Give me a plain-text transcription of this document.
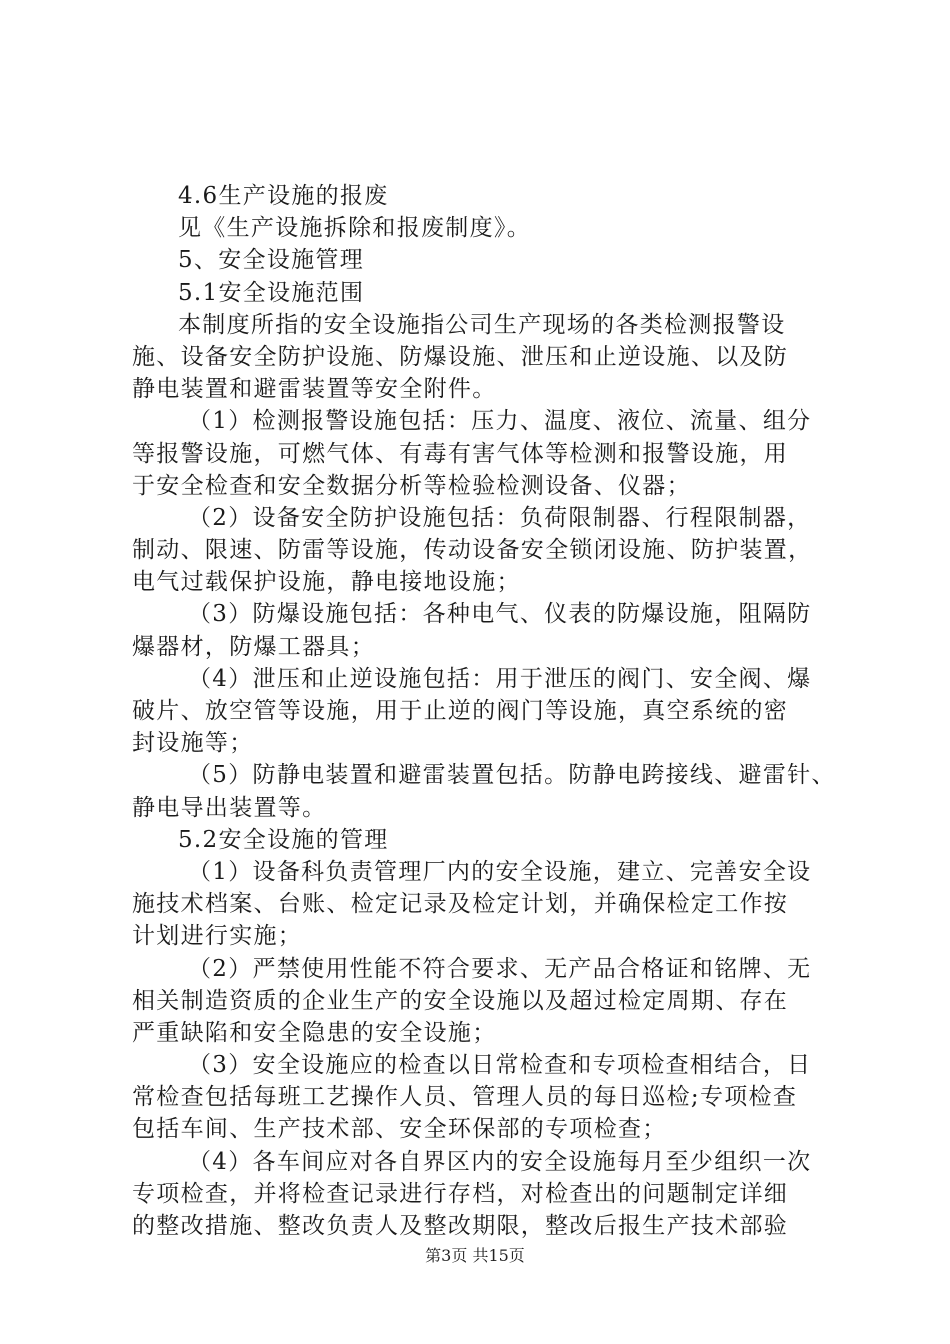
4.6生产设施的报废
见《生产设施拆除和报废制度》。
5、安全设施管理
5.1安全设施范围
本制度所指的安全设施指公司生产现场的各类检测报警设
施、设备安全防护设施、防爆设施、泄压和止逆设施、以及防
静电装置和避雷装置等安全附件。
（1）检测报警设施包括：压力、温度、液位、流量、组分
等报警设施，可燃气体、有毒有害气体等检测和报警设施，用
于安全检查和安全数据分析等检验检测设备、仪器；
（2）设备安全防护设施包括：负荷限制器、行程限制器，
制动、限速、防雷等设施，传动设备安全锁闭设施、防护装置，
电气过载保护设施，静电接地设施；
（3）防爆设施包括：各种电气、仪表的防爆设施，阻隔防
爆器材，防爆工器具；
（4）泄压和止逆设施包括：用于泄压的阀门、安全阀、爆
破片、放空管等设施，用于止逆的阀门等设施，真空系统的密
封设施等；
（5）防静电装置和避雷装置包括。防静电跨接线、避雷针、
静电导出装置等。
5.2安全设施的管理
（1）设备科负责管理厂内的安全设施，建立、完善安全设
施技术档案、台账、检定记录及检定计划，并确保检定工作按
计划进行实施；
（2）严禁使用性能不符合要求、无产品合格证和铭牌、无
相关制造资质的企业生产的安全设施以及超过检定周期、存在
严重缺陷和安全隐患的安全设施；
（3）安全设施应的检查以日常检查和专项检查相结合，日
常检查包括每班工艺操作人员、管理人员的每日巡检;专项检查
包括车间、生产技术部、安全环保部的专项检查；
（4）各车间应对各自界区内的安全设施每月至少组织一次
专项检查，并将检查记录进行存档，对检查出的问题制定详细
的整改措施、整改负责人及整改期限，整改后报生产技术部验
第3页 共15页
